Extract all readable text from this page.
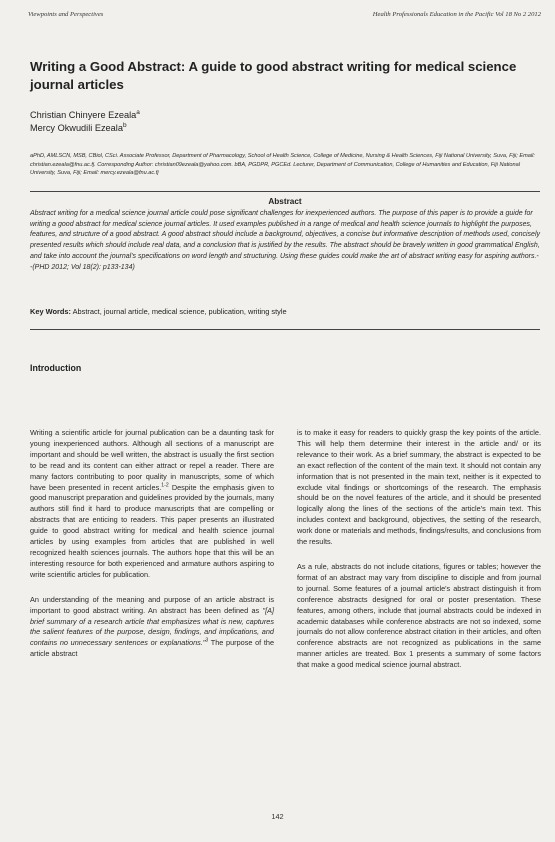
Viewpoints and Perspectives	Health Professionals Education in the Pacific Vol 18 No 2 2012
Writing a Good Abstract: A guide to good abstract writing for medical science journal articles
Christian Chinyere Ezeala$^a$
Mercy Okwudili Ezeala$^b$
aPhD, AMLSCN, MSB, CBiol, CSci. Associate Professor, Department of Pharmacology, School of Health Science, College of Medicine, Nursing & Health Sciences, Fiji National University, Suva, Fiji; Email: christian.ezeala@fnu.ac.fj. Corresponding Author: christian09ezeala@yahoo.com. bBA, PGDPR, PGCEd. Lecturer, Department of Communication, College of Humanities and Education, Fiji National University, Suva, Fiji; Email: mercy.ezeala@fnu.ac.fj
Abstract
Abstract writing for a medical science journal article could pose significant challenges for inexperienced authors. The purpose of this paper is to provide a guide for writing a good abstract for medical science journal articles. It used examples published in a range of medical and health science journals to highlight the purposes, features, and structure of a good abstract. A good abstract should include a background, objectives, a concise but informative description of methods used, concisely presented results which should include real data, and a conclusion that is justified by the results. The abstract should be bravely written in good grammatical English, and take into account the journal's specifications on word length and structuring. Using these guides could make the art of abstract writing easy for aspiring authors.--(PHD 2012; Vol 18(2): p133-134)
Key Words: Abstract, journal article, medical science, publication, writing style
Introduction

Writing a scientific article for journal publication can be a daunting task for young inexperienced authors. Although all sections of a manuscript are important and should be well written, the abstract is usually the first section to be read and its content can either attract or repel a reader. There are many factors contributing to poor quality in manuscripts, some of which have been presented in recent articles.$^{1-2}$ Despite the emphasis given to good manuscript preparation and guidelines provided by the journals, many authors still find it hard to produce manuscripts that are compelling or abstracts that are enticing to readers. This paper presents an illustrated guide to good abstract writing for medical and health science journal articles by using examples from articles that are published in well recognized health sciences journals. The authors hope that this will be an interesting resource for both experienced and armature authors aspiring to write scientific articles for publication.

An understanding of the meaning and purpose of an article abstract is important to good abstract writing. An abstract has been defined as "[A] brief summary of a research article that emphasizes what is new, captures the salient features of the purpose, design, findings, and implications, and contains no unnecessary sentences or explanations."$^3$ The purpose of the article abstract

is to make it easy for readers to quickly grasp the key points of the article. This will help them determine their interest in the article and/ or its relevance to their work. As a brief summary, the abstract is expected to be an exact reflection of the content of the main text. It should not contain any information that is not presented in the main text, neither is it expected to exclude vital findings or shortcomings of the research. The emphasis should be on the novel features of the article, and it should be presented logically along the lines of the sections of the article's main text. This includes context and background, objectives, the setting of the research, work done or materials and methods, findings/results, and conclusions from the results.

As a rule, abstracts do not include citations, figures or tables; however the format of an abstract may vary from discipline to disciple and from journal to journal. Some features of a journal article's abstract distinguish it from conference abstracts designed for oral or poster presentation. These features, among others, include that journal abstracts could be indexed in academic databases while conference abstracts are not so indexed, some journals do not allow conference abstract citation in their articles, and often conference abstracts are not recognized as publications in the same manner articles are treated. Box 1 presents a summary of some factors that make a good medical science journal abstract.

142
